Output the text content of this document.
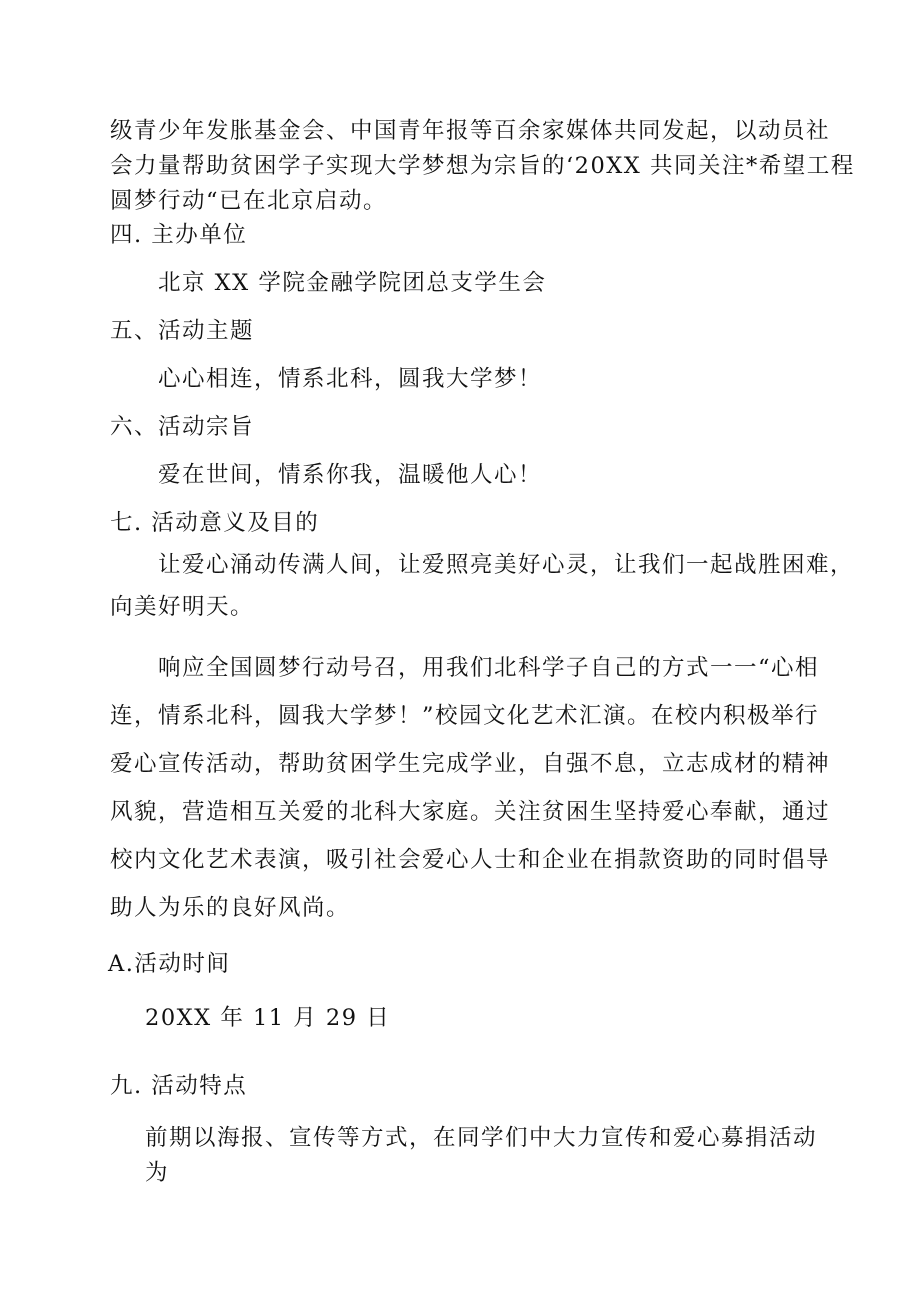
级青少年发胀基金会、中国青年报等百余家媒体共同发起，以动员社
会力量帮助贫困学子实现大学梦想为宗旨的‘20XX 共同关注*希望工程
圆梦行动“已在北京启动。
四. 主办单位
北京 XX 学院金融学院团总支学生会
五、活动主题
心心相连，情系北科，圆我大学梦！
六、活动宗旨
爱在世间，情系你我，温暖他人心！
七. 活动意义及目的
让爱心涌动传满人间，让爱照亮美好心灵，让我们一起战胜困难，
向美好明天。
响应全国圆梦行动号召，用我们北科学子自己的方式一一“心相
连，情系北科，圆我大学梦！”校园文化艺术汇演。在校内积极举行
爱心宣传活动，帮助贫困学生完成学业，自强不息，立志成材的精神
风貌，营造相互关爱的北科大家庭。关注贫困生坚持爱心奉献，通过
校内文化艺术表演，吸引社会爱心人士和企业在捐款资助的同时倡导
助人为乐的良好风尚。
A.活动时间
20XX 年 11 月 29 日
九. 活动特点
前期以海报、宣传等方式，在同学们中大力宣传和爱心募捐活动为
